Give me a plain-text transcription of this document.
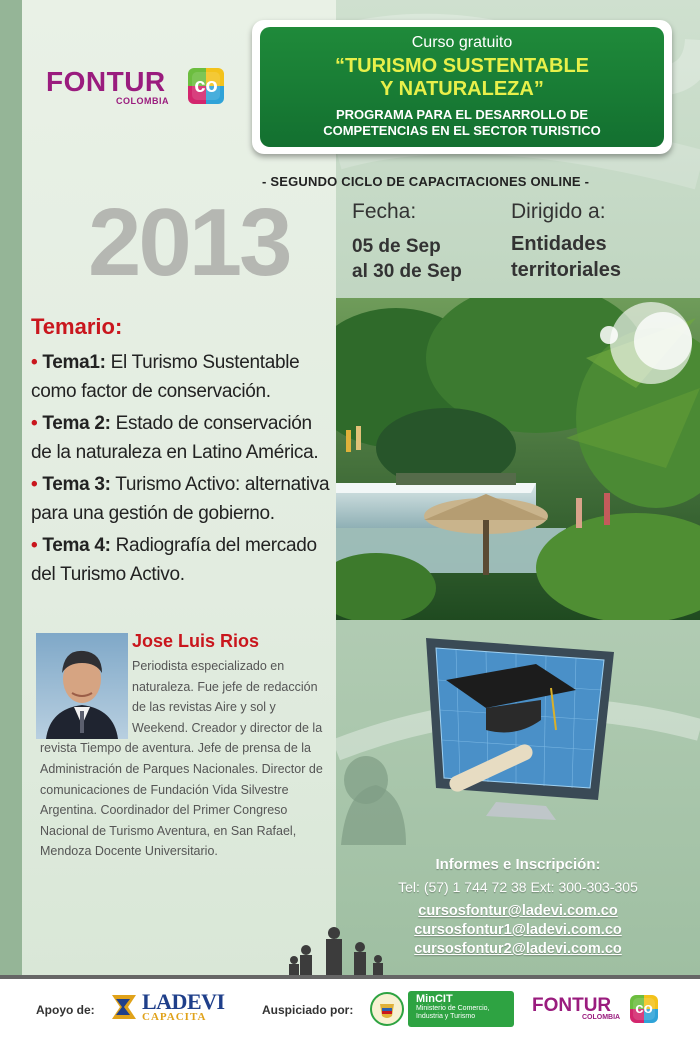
FONTUR
COLOMBIA
co
Curso gratuito
“TURISMO SUSTENTABLE
Y NATURALEZA”
PROGRAMA PARA EL DESARROLLO DE
COMPETENCIAS EN EL SECTOR TURISTICO
- SEGUNDO CICLO DE CAPACITACIONES ONLINE -
2013	Fecha:
05 de Sep
al 30 de Sep
Dirigido a:
Entidades
territoriales
Temario:
• Tema1: El Turismo Sustentable como factor de conservación.
• Tema 2: Estado de conservación de la naturaleza en Latino América.
• Tema 3: Turismo Activo: alternativa para una gestión de gobierno.
• Tema 4: Radiografía del mercado del Turismo Activo.
Jose Luis Rios
Periodista especializado en
naturaleza. Fue jefe de redacción
de las revistas Aire y sol y
Weekend. Creador y director de la
revista Tiempo de aventura. Jefe de prensa de la Administración de Parques Nacionales. Director de comunicaciones de Fundación Vida Silvestre Argentina. Coordinador del Primer Congreso Nacional de Turismo Aventura, en San Rafael, Mendoza Docente Universitario.
Informes e Inscripción:
Tel: (57) 1 744 72 38 Ext: 300-303-305
cursosfontur@ladevi.com.co
cursosfontur1@ladevi.com.co
cursosfontur2@ladevi.com.co
Apoyo de: LADEVI
CAPACITA	Auspiciado por:
MinCIT
Ministerio de Comercio, Industria y Turismo
FONTUR
COLOMBIA
co
